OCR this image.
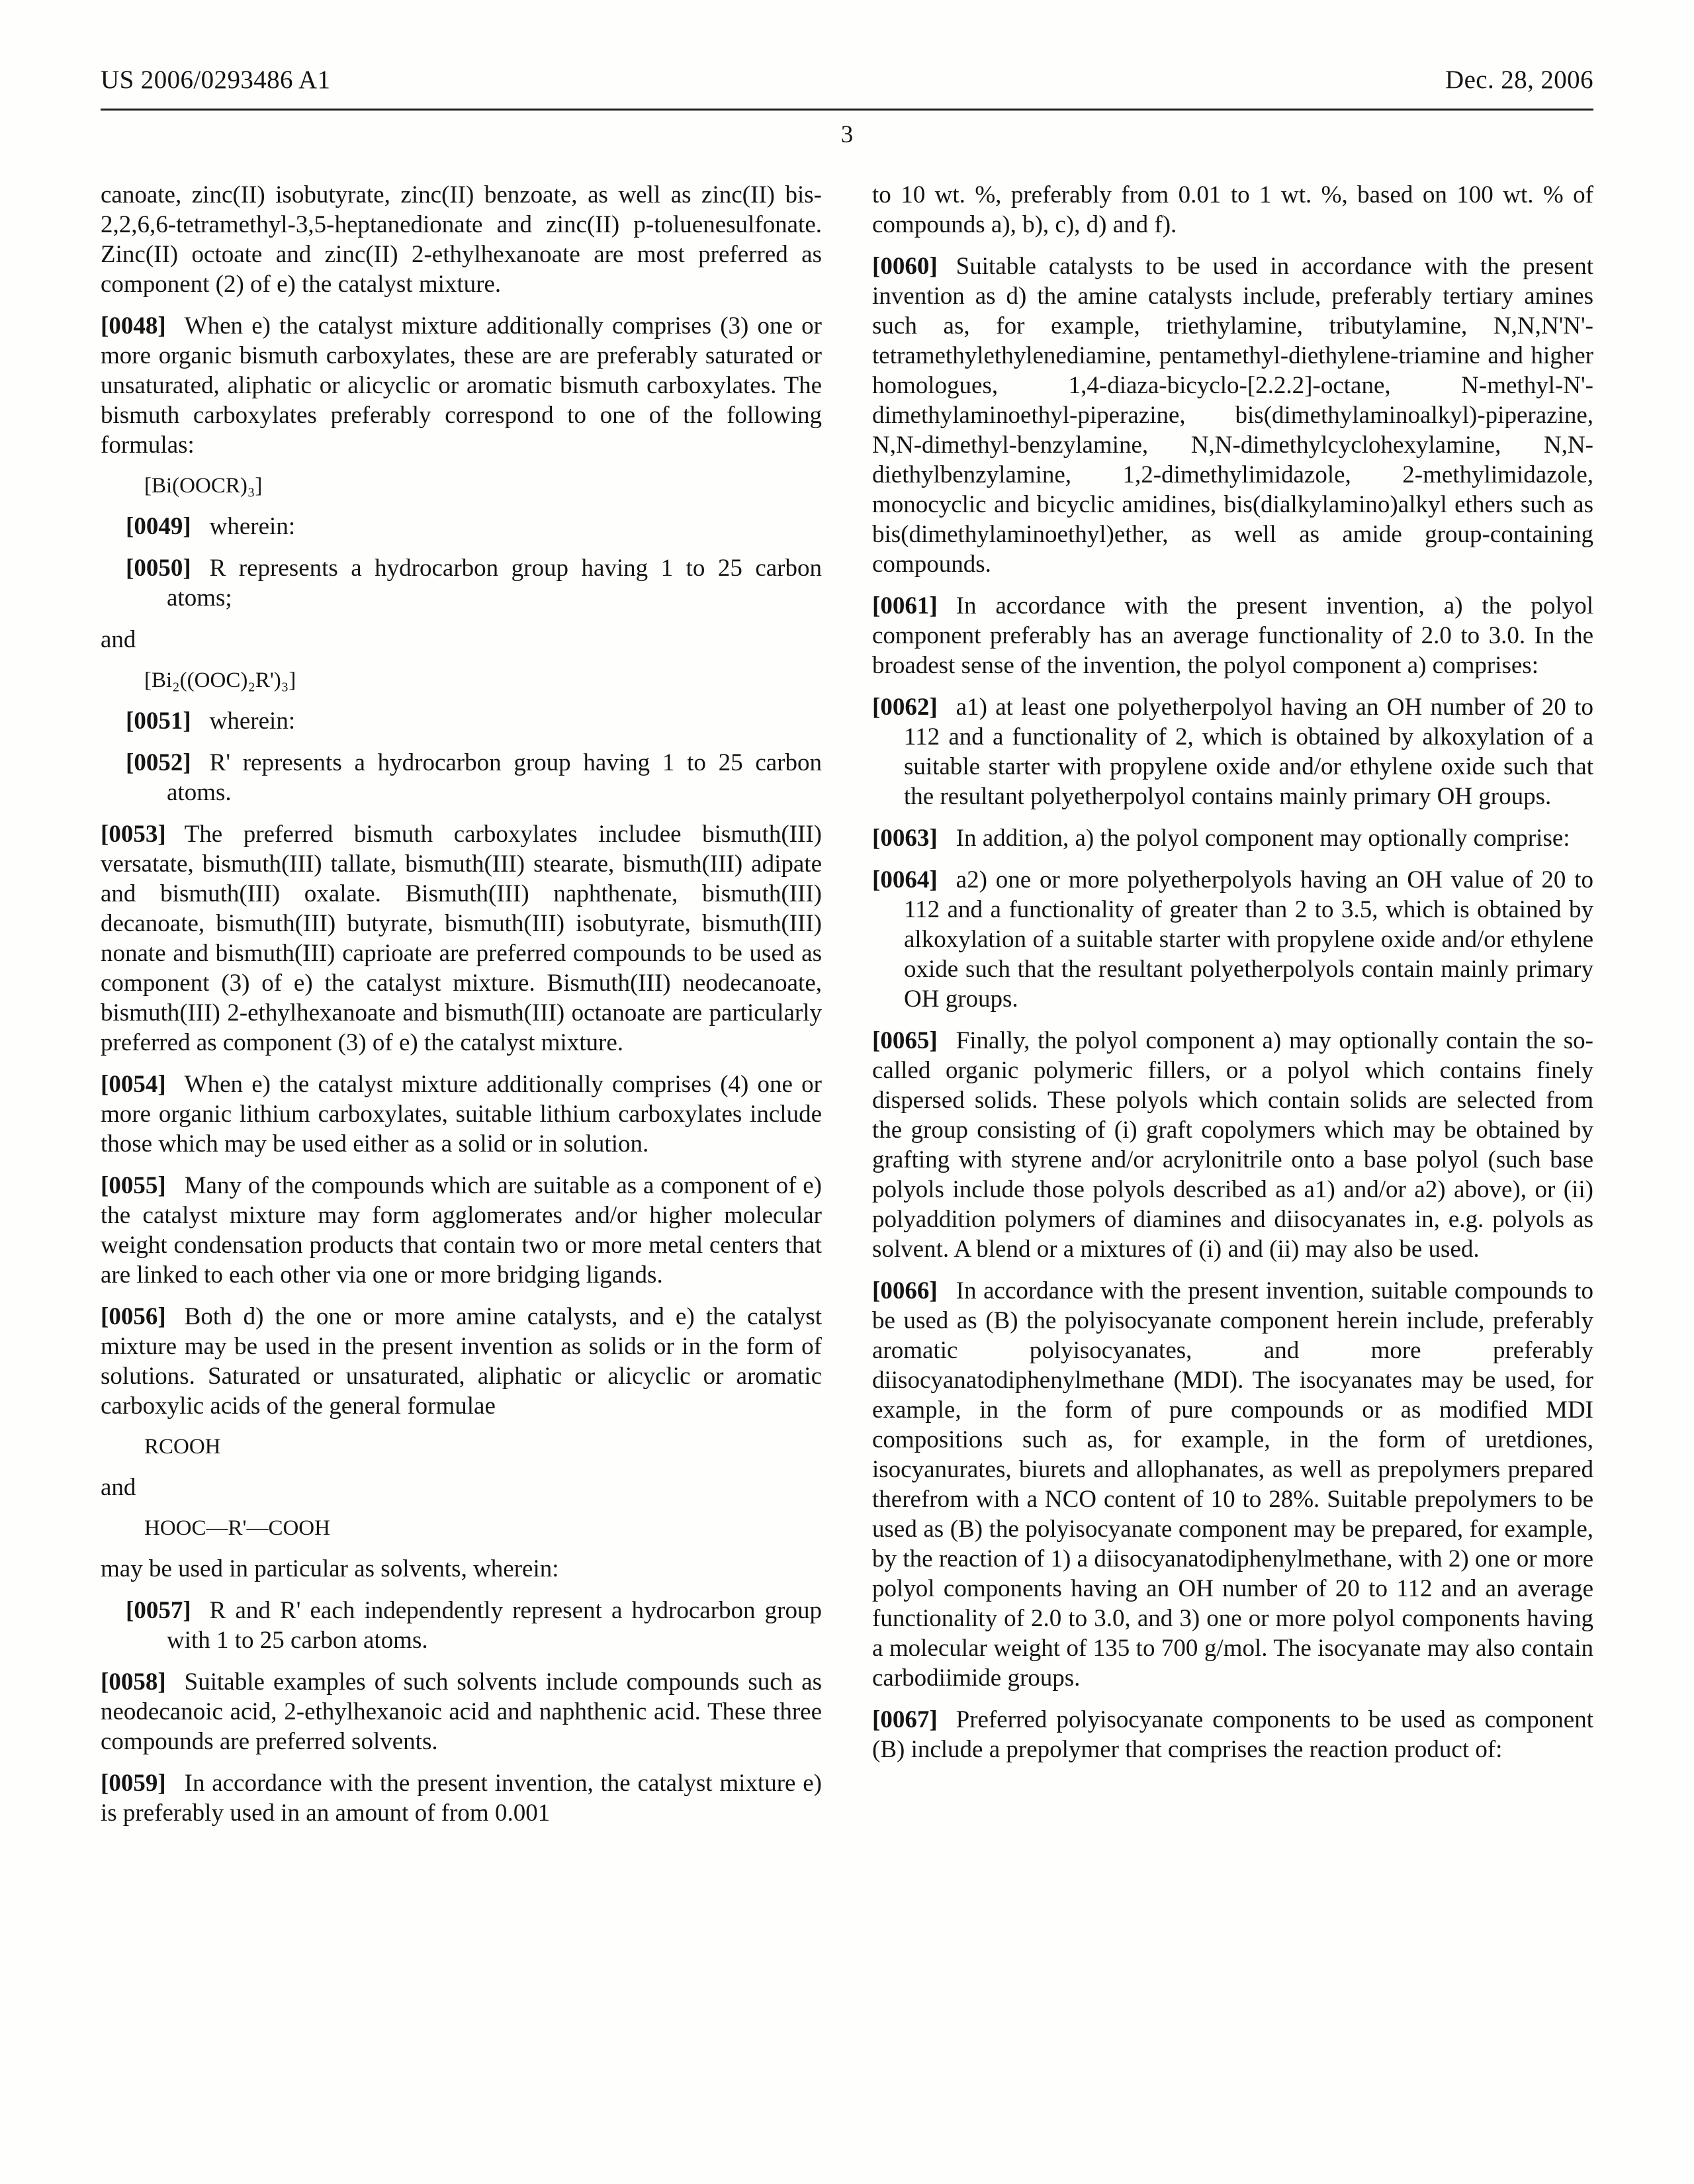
US 2006/0293486 A1	Dec. 28, 2006
3

canoate, zinc(II) isobutyrate, zinc(II) benzoate, as well as zinc(II) bis-2,2,6,6-tetramethyl-3,5-heptanedionate and zinc(II) p-toluenesulfonate. Zinc(II) octoate and zinc(II) 2-ethylhexanoate are most preferred as component (2) of e) the catalyst mixture.

[0048] When e) the catalyst mixture additionally comprises (3) one or more organic bismuth carboxylates, these are are preferably saturated or unsaturated, aliphatic or alicyclic or aromatic bismuth carboxylates. The bismuth carboxylates preferably correspond to one of the following formulas:

[Bi(OOCR)₃]

[0049] wherein:

[0050] R represents a hydrocarbon group having 1 to 25 carbon atoms;

and

[Bi₂((OOC)₂R')₃]

[0051] wherein:

[0052] R' represents a hydrocarbon group having 1 to 25 carbon atoms.

[0053] The preferred bismuth carboxylates includee bismuth(III) versatate, bismuth(III) tallate, bismuth(III) stearate, bismuth(III) adipate and bismuth(III) oxalate. Bismuth(III) naphthenate, bismuth(III) decanoate, bismuth(III) butyrate, bismuth(III) isobutyrate, bismuth(III) nonate and bismuth(III) caprioate are preferred compounds to be used as component (3) of e) the catalyst mixture. Bismuth(III) neodecanoate, bismuth(III) 2-ethylhexanoate and bismuth(III) octanoate are particularly preferred as component (3) of e) the catalyst mixture.

[0054] When e) the catalyst mixture additionally comprises (4) one or more organic lithium carboxylates, suitable lithium carboxylates include those which may be used either as a solid or in solution.

[0055] Many of the compounds which are suitable as a component of e) the catalyst mixture may form agglomerates and/or higher molecular weight condensation products that contain two or more metal centers that are linked to each other via one or more bridging ligands.

[0056] Both d) the one or more amine catalysts, and e) the catalyst mixture may be used in the present invention as solids or in the form of solutions. Saturated or unsaturated, aliphatic or alicyclic or aromatic carboxylic acids of the general formulae

RCOOH

and

HOOC—R'—COOH

may be used in particular as solvents, wherein:

[0057] R and R' each independently represent a hydrocarbon group with 1 to 25 carbon atoms.

[0058] Suitable examples of such solvents include compounds such as neodecanoic acid, 2-ethylhexanoic acid and naphthenic acid. These three compounds are preferred solvents.

[0059] In accordance with the present invention, the catalyst mixture e) is preferably used in an amount of from 0.001

to 10 wt. %, preferably from 0.01 to 1 wt. %, based on 100 wt. % of compounds a), b), c), d) and f).

[0060] Suitable catalysts to be used in accordance with the present invention as d) the amine catalysts include, preferably tertiary amines such as, for example, triethylamine, tributylamine, N,N,N'N'-tetramethylethylenediamine, pentamethyl-diethylene-triamine and higher homologues, 1,4-diaza-bicyclo-[2.2.2]-octane, N-methyl-N'-dimethylaminoethyl-piperazine, bis(dimethylaminoalkyl)-piperazine, N,N-dimethyl-benzylamine, N,N-dimethylcyclohexylamine, N,N-diethylbenzylamine, 1,2-dimethylimidazole, 2-methylimidazole, monocyclic and bicyclic amidines, bis(dialkylamino)alkyl ethers such as bis(dimethylaminoethyl)ether, as well as amide group-containing compounds.

[0061] In accordance with the present invention, a) the polyol component preferably has an average functionality of 2.0 to 3.0. In the broadest sense of the invention, the polyol component a) comprises:

[0062] a1) at least one polyetherpolyol having an OH number of 20 to 112 and a functionality of 2, which is obtained by alkoxylation of a suitable starter with propylene oxide and/or ethylene oxide such that the resultant polyetherpolyol contains mainly primary OH groups.

[0063] In addition, a) the polyol component may optionally comprise:

[0064] a2) one or more polyetherpolyols having an OH value of 20 to 112 and a functionality of greater than 2 to 3.5, which is obtained by alkoxylation of a suitable starter with propylene oxide and/or ethylene oxide such that the resultant polyetherpolyols contain mainly primary OH groups.

[0065] Finally, the polyol component a) may optionally contain the so-called organic polymeric fillers, or a polyol which contains finely dispersed solids. These polyols which contain solids are selected from the group consisting of (i) graft copolymers which may be obtained by grafting with styrene and/or acrylonitrile onto a base polyol (such base polyols include those polyols described as a1) and/or a2) above), or (ii) polyaddition polymers of diamines and diisocyanates in, e.g. polyols as solvent. A blend or a mixtures of (i) and (ii) may also be used.

[0066] In accordance with the present invention, suitable compounds to be used as (B) the polyisocyanate component herein include, preferably aromatic polyisocyanates, and more preferably diisocyanatodiphenylmethane (MDI). The isocyanates may be used, for example, in the form of pure compounds or as modified MDI compositions such as, for example, in the form of uretdiones, isocyanurates, biurets and allophanates, as well as prepolymers prepared therefrom with a NCO content of 10 to 28%. Suitable prepolymers to be used as (B) the polyisocyanate component may be prepared, for example, by the reaction of 1) a diisocyanatodiphenylmethane, with 2) one or more polyol components having an OH number of 20 to 112 and an average functionality of 2.0 to 3.0, and 3) one or more polyol components having a molecular weight of 135 to 700 g/mol. The isocyanate may also contain carbodiimide groups.

[0067] Preferred polyisocyanate components to be used as component (B) include a prepolymer that comprises the reaction product of:
